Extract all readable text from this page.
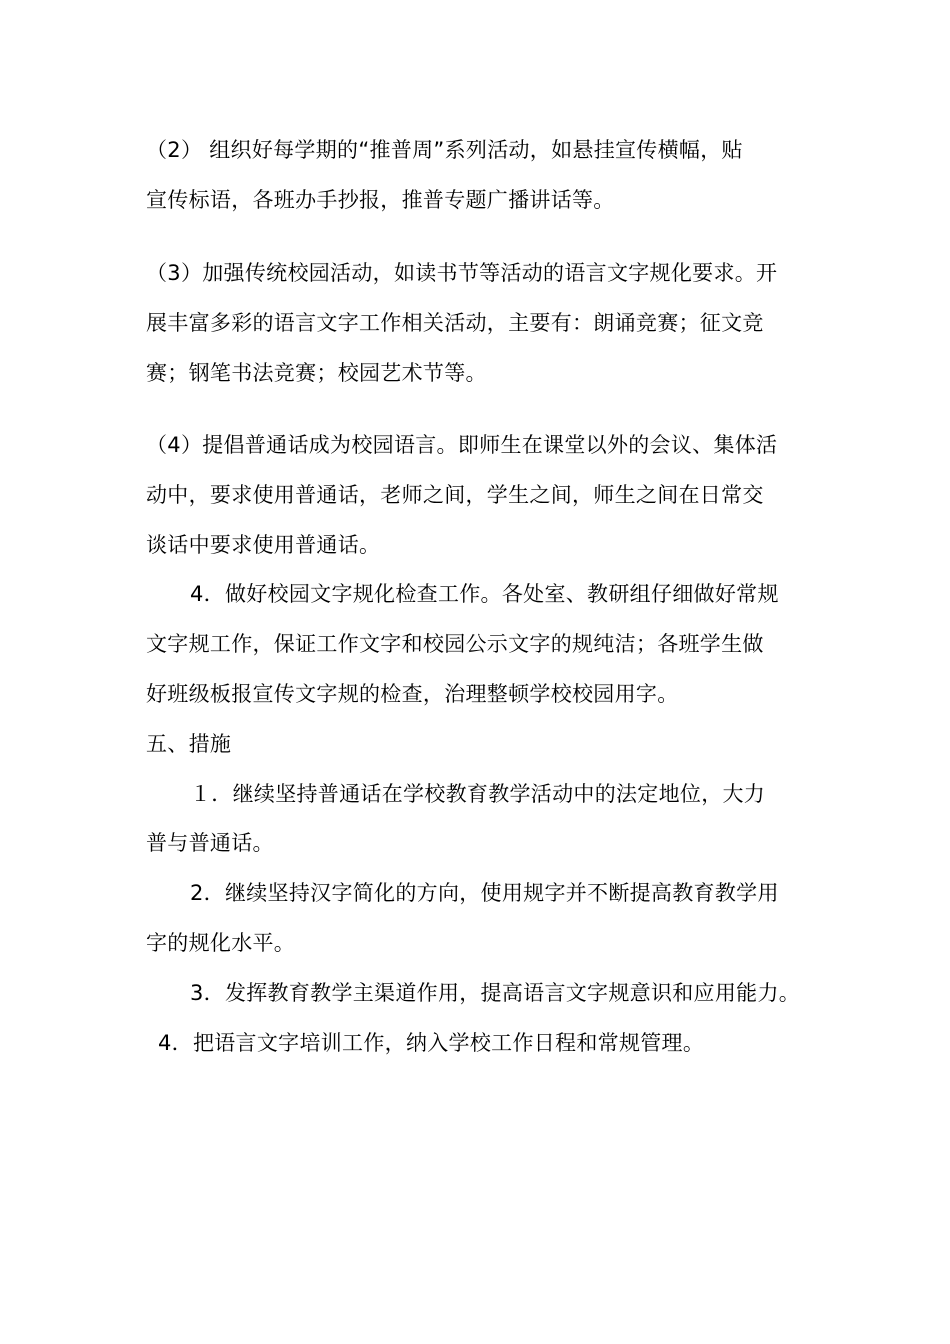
（2） 组织好每学期的“推普周”系列活动，如悬挂宣传横幅，贴
宣传标语，各班办手抄报，推普专题广播讲话等。
（3）加强传统校园活动，如读书节等活动的语言文字规化要求。开
展丰富多彩的语言文字工作相关活动，主要有：朗诵竞赛；征文竞
赛；钢笔书法竞赛；校园艺术节等。
（4）提倡普通话成为校园语言。即师生在课堂以外的会议、集体活
动中，要求使用普通话，老师之间，学生之间，师生之间在日常交
谈话中要求使用普通话。
4．做好校园文字规化检查工作。各处室、教研组仔细做好常规
文字规工作，保证工作文字和校园公示文字的规纯洁；各班学生做
好班级板报宣传文字规的检查，治理整顿学校校园用字。
五、措施
１．继续坚持普通话在学校教育教学活动中的法定地位，大力
普与普通话。
2．继续坚持汉字简化的方向，使用规字并不断提高教育教学用
字的规化水平。
3．发挥教育教学主渠道作用，提高语言文字规意识和应用能力。
4．把语言文字培训工作，纳入学校工作日程和常规管理。
